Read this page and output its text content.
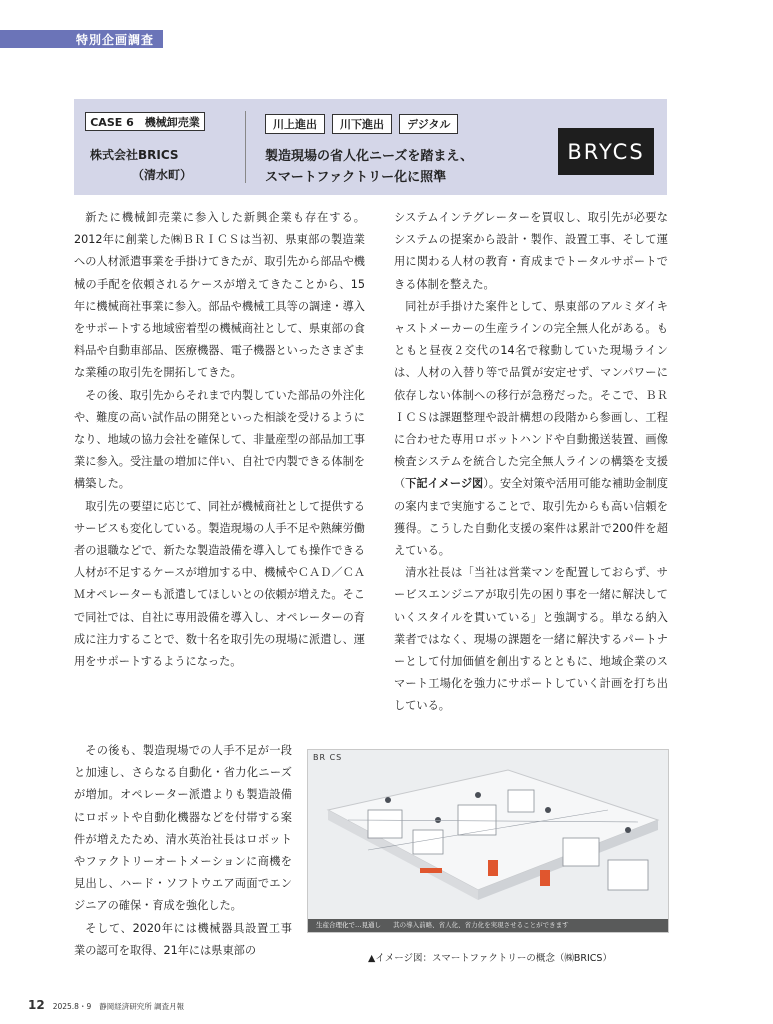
特別企画調査
CASE 6　機械卸売業
株式会社BRICS
（清水町）
川上進出	川下進出	デジタル
製造現場の省人化ニーズを踏まえ、
スマートファクトリー化に照準
BRYCS

新たに機械卸売業に参入した新興企業も存在する。2012年に創業した㈱ＢＲＩＣＳは当初、県東部の製造業への人材派遣事業を手掛けてきたが、取引先から部品や機械の手配を依頼されるケースが増えてきたことから、15年に機械商社事業に参入。部品や機械工具等の調達・導入をサポートする地域密着型の機械商社として、県東部の食料品や自動車部品、医療機器、電子機器といったさまざまな業種の取引先を開拓してきた。

その後、取引先からそれまで内製していた部品の外注化や、難度の高い試作品の開発といった相談を受けるようになり、地域の協力会社を確保して、非量産型の部品加工事業に参入。受注量の増加に伴い、自社で内製できる体制を構築した。

取引先の要望に応じて、同社が機械商社として提供するサービスも変化している。製造現場の人手不足や熟練労働者の退職などで、新たな製造設備を導入しても操作できる人材が不足するケースが増加する中、機械やＣＡＤ／ＣＡＭオペレーターも派遣してほしいとの依頼が増えた。そこで同社では、自社に専用設備を導入し、オペレーターの育成に注力することで、数十名を取引先の現場に派遣し、運用をサポートするようになった。

その後も、製造現場での人手不足が一段と加速し、さらなる自動化・省力化ニーズが増加。オペレーター派遣よりも製造設備にロボットや自動化機器などを付帯する案件が増えたため、清水英治社長はロボットやファクトリーオートメーションに商機を見出し、ハード・ソフトウエア両面でエンジニアの確保・育成を強化した。

そして、2020年には機械器具設置工事業の認可を取得、21年には県東部の

システムインテグレーターを買収し、取引先が必要なシステムの提案から設計・製作、設置工事、そして運用に関わる人材の教育・育成までトータルサポートできる体制を整えた。

同社が手掛けた案件として、県東部のアルミダイキャストメーカーの生産ラインの完全無人化がある。もともと昼夜２交代の14名で稼動していた現場ラインは、人材の入替り等で品質が安定せず、マンパワーに依存しない体制への移行が急務だった。そこで、ＢＲＩＣＳは課題整理や設計構想の段階から参画し、工程に合わせた専用ロボットハンドや自動搬送装置、画像検査システムを統合した完全無人ラインの構築を支援（下記イメージ図）。安全対策や活用可能な補助金制度の案内まで実施することで、取引先からも高い信頼を獲得。こうした自動化支援の案件は累計で200件を超えている。

清水社長は「当社は営業マンを配置しておらず、サービスエンジニアが取引先の困り事を一緒に解決していくスタイルを貫いている」と強調する。単なる納入業者ではなく、現場の課題を一緒に解決するパートナーとして付加価値を創出するとともに、地域企業のスマート工場化を強力にサポートしていく計画を打ち出している。

BR︎ CS
生産合理化で…見通し 其の導入前略、省人化、省力化を実現させることができます
▲イメージ図：スマートファクトリーの概念（㈱BRICS）
12 2025.8・9 静岡経済研究所 調査月報
